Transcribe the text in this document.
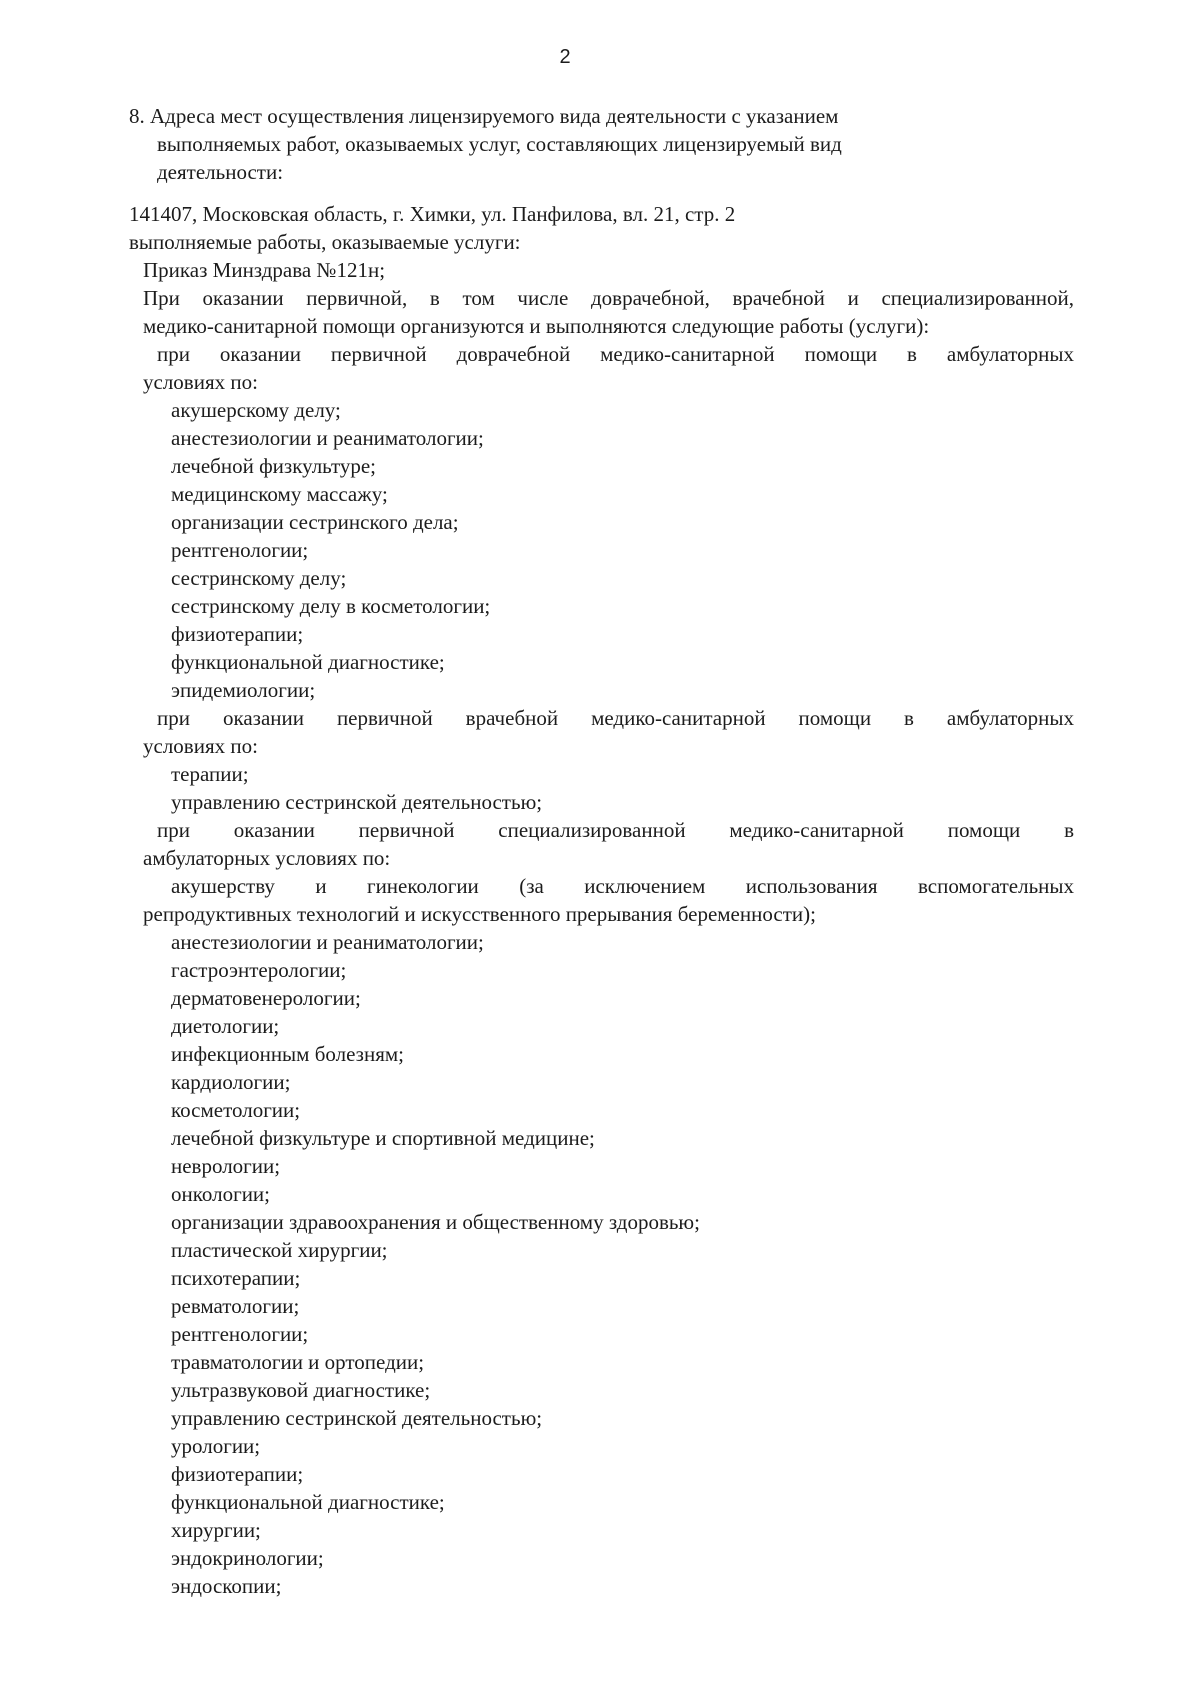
2
8. Адреса мест осуществления лицензируемого вида деятельности с указанием
выполняемых работ, оказываемых услуг, составляющих лицензируемый вид
деятельности:
141407, Московская область, г. Химки, ул. Панфилова, вл. 21, стр. 2
выполняемые работы, оказываемые услуги:
Приказ Минздрава №121н;
При оказании первичной, в том числе доврачебной, врачебной и специализированной,
медико-санитарной помощи организуются и выполняются следующие работы (услуги):
при оказании первичной доврачебной медико-санитарной помощи в амбулаторных
условиях по:
акушерскому делу;
анестезиологии и реаниматологии;
лечебной физкультуре;
медицинскому массажу;
организации сестринского дела;
рентгенологии;
сестринскому делу;
сестринскому делу в косметологии;
физиотерапии;
функциональной диагностике;
эпидемиологии;
при оказании первичной врачебной медико-санитарной помощи в амбулаторных
условиях по:
терапии;
управлению сестринской деятельностью;
при оказании первичной специализированной медико-санитарной помощи в
амбулаторных условиях по:
акушерству и гинекологии (за исключением использования вспомогательных
репродуктивных технологий и искусственного прерывания беременности);
анестезиологии и реаниматологии;
гастроэнтерологии;
дерматовенерологии;
диетологии;
инфекционным болезням;
кардиологии;
косметологии;
лечебной физкультуре и спортивной медицине;
неврологии;
онкологии;
организации здравоохранения и общественному здоровью;
пластической хирургии;
психотерапии;
ревматологии;
рентгенологии;
травматологии и ортопедии;
ультразвуковой диагностике;
управлению сестринской деятельностью;
урологии;
физиотерапии;
функциональной диагностике;
хирургии;
эндокринологии;
эндоскопии;
